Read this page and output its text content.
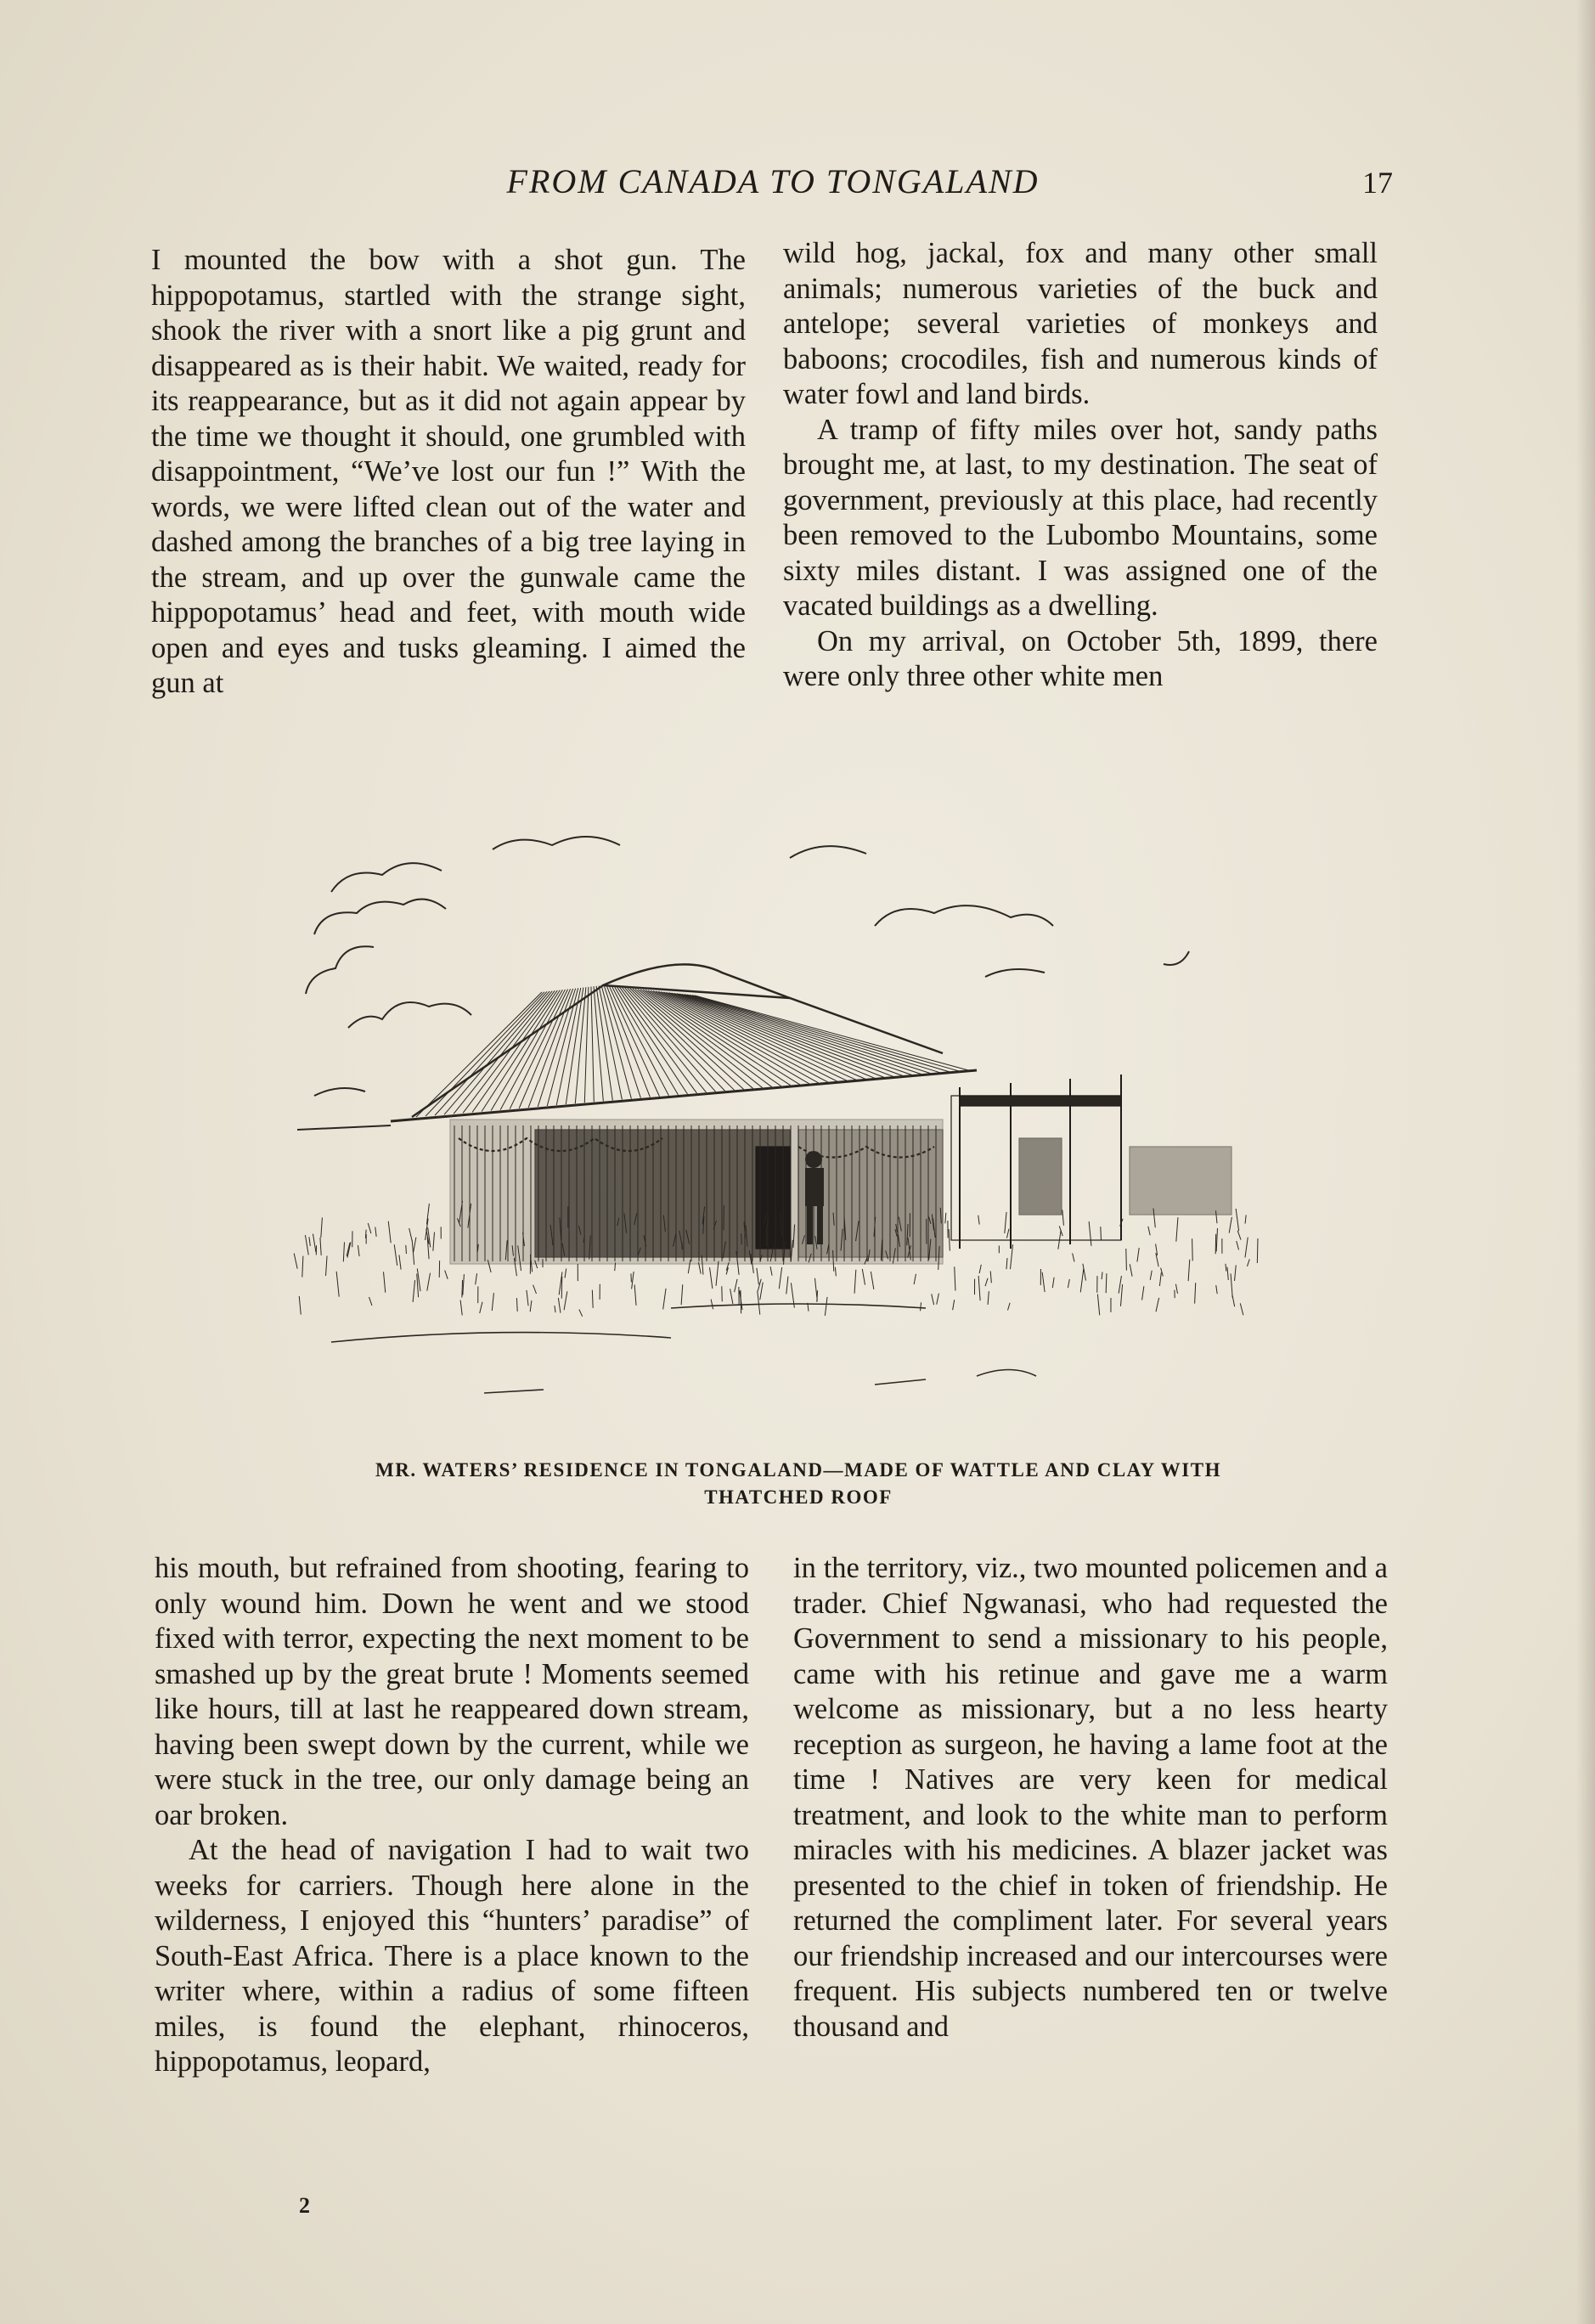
FROM CANADA TO TONGALAND	17

I mounted the bow with a shot gun. The hippopotamus, startled with the strange sight, shook the river with a snort like a pig grunt and disappeared as is their habit. We waited, ready for its reappearance, but as it did not again appear by the time we thought it should, one grumbled with disappointment, “We’ve lost our fun !” With the words, we were lifted clean out of the water and dashed among the branches of a big tree laying in the stream, and up over the gunwale came the hippopotamus’ head and feet, with mouth wide open and eyes and tusks gleaming. I aimed the gun at

wild hog, jackal, fox and many other small animals; numerous varieties of the buck and antelope; several varieties of monkeys and baboons; crocodiles, fish and numerous kinds of water fowl and land birds.

A tramp of fifty miles over hot, sandy paths brought me, at last, to my destination. The seat of government, previously at this place, had recently been removed to the Lubombo Mountains, some sixty miles distant. I was assigned one of the vacated buildings as a dwelling.

On my arrival, on October 5th, 1899, there were only three other white men

MR. WATERS’ RESIDENCE IN TONGALAND—MADE OF WATTLE AND CLAY WITH
THATCHED ROOF

his mouth, but refrained from shooting, fearing to only wound him. Down he went and we stood fixed with terror, expecting the next moment to be smashed up by the great brute ! Moments seemed like hours, till at last he reappeared down stream, having been swept down by the current, while we were stuck in the tree, our only damage being an oar broken.

At the head of navigation I had to wait two weeks for carriers. Though here alone in the wilderness, I enjoyed this “hunters’ paradise” of South-East Africa. There is a place known to the writer where, within a radius of some fifteen miles, is found the elephant, rhinoceros, hippopotamus, leopard,

in the territory, viz., two mounted policemen and a trader. Chief Ngwanasi, who had requested the Government to send a missionary to his people, came with his retinue and gave me a warm welcome as missionary, but a no less hearty reception as surgeon, he having a lame foot at the time ! Natives are very keen for medical treatment, and look to the white man to perform miracles with his medicines. A blazer jacket was presented to the chief in token of friendship. He returned the compliment later. For several years our friendship increased and our intercourses were frequent. His subjects numbered ten or twelve thousand and

2
